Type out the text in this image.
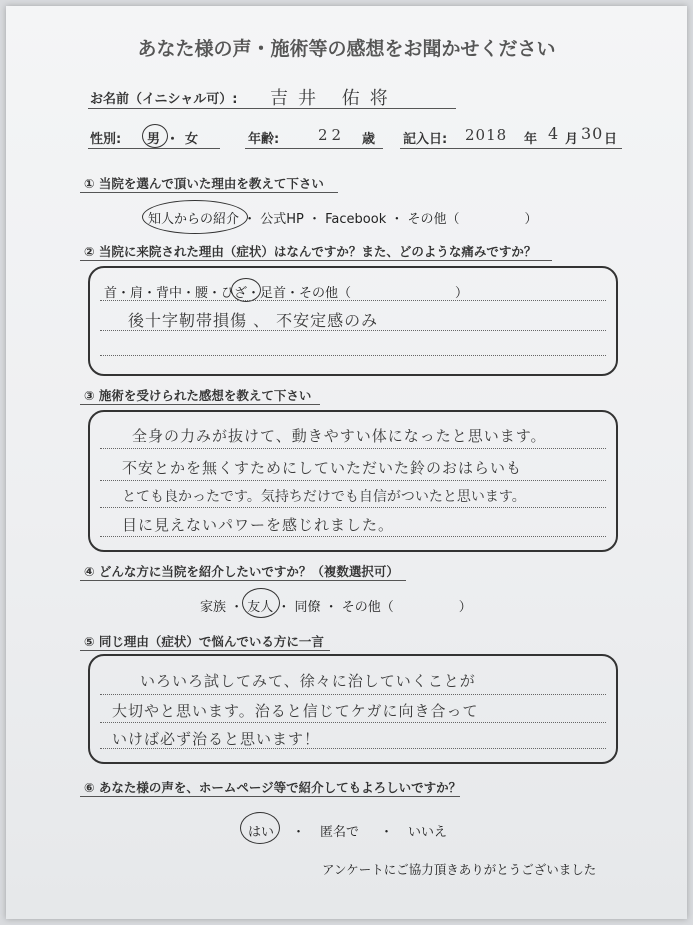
あなた様の声・施術等の感想をお聞かせください
お名前（イニシャル可）: 吉井 佑将
性別: 男・女	年齢:	22 歳 記入日: 2018 年 4 月 30 日
① 当院を選んで頂いた理由を教えて下さい
知人からの紹介 ・ 公式HP ・ Facebook ・ その他（　　　　　）
② 当院に来院された理由（症状）はなんですか？また、どのような痛みですか？
首・肩・背中・腰・ひざ・足首・その他（　　　　　　　　）
後十字靭帯損傷 、 不安定感のみ
③ 施術を受けられた感想を教えて下さい
全身の力みが抜けて、動きやすい体になったと思います。
不安とかを無くすためにしていただいた鈴のおはらいも
とても良かったです。気持ちだけでも自信がついたと思います。
目に見えないパワーを感じれました。
④ どんな方に当院を紹介したいですか？（複数選択可）
家族 ・ 友人 ・ 同僚 ・ その他（　　　　　）
⑤ 同じ理由（症状）で悩んでいる方に一言
いろいろ試してみて、徐々に治していくことが
大切やと思います。治ると信じてケガに向き合って
いけば必ず治ると思います！
⑥ あなた様の声を、ホームページ等で紹介してもよろしいですか？
はい ・ 匿名で ・ いいえ
アンケートにご協力頂きありがとうございました
